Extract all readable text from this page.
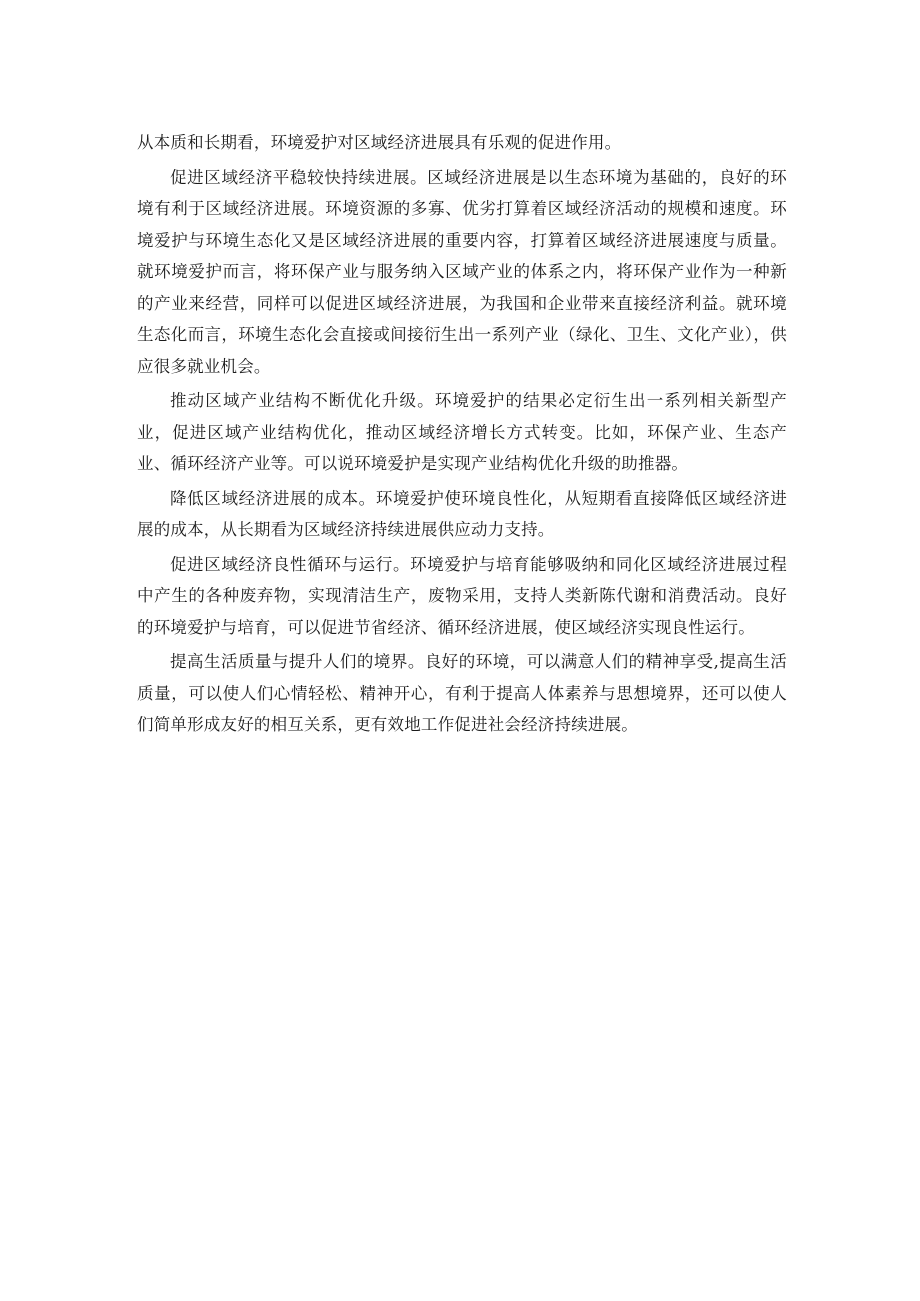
从本质和长期看，环境爱护对区域经济进展具有乐观的促进作用。

促进区域经济平稳较快持续进展。区域经济进展是以生态环境为基础的，良好的环境有利于区域经济进展。环境资源的多寡、优劣打算着区域经济活动的规模和速度。环境爱护与环境生态化又是区域经济进展的重要内容，打算着区域经济进展速度与质量。就环境爱护而言，将环保产业与服务纳入区域产业的体系之内，将环保产业作为一种新的产业来经营，同样可以促进区域经济进展，为我国和企业带来直接经济利益。就环境生态化而言，环境生态化会直接或间接衍生出一系列产业（绿化、卫生、文化产业），供应很多就业机会。

推动区域产业结构不断优化升级。环境爱护的结果必定衍生出一系列相关新型产业，促进区域产业结构优化，推动区域经济增长方式转变。比如，环保产业、生态产业、循环经济产业等。可以说环境爱护是实现产业结构优化升级的助推器。

降低区域经济进展的成本。环境爱护使环境良性化，从短期看直接降低区域经济进展的成本，从长期看为区域经济持续进展供应动力支持。

促进区域经济良性循环与运行。环境爱护与培育能够吸纳和同化区域经济进展过程中产生的各种废弃物，实现清洁生产，废物采用，支持人类新陈代谢和消费活动。良好的环境爱护与培育，可以促进节省经济、循环经济进展，使区域经济实现良性运行。

提高生活质量与提升人们的境界。良好的环境，可以满意人们的精神享受,提高生活质量，可以使人们心情轻松、精神开心，有利于提高人体素养与思想境界，还可以使人们简单形成友好的相互关系，更有效地工作促进社会经济持续进展。
